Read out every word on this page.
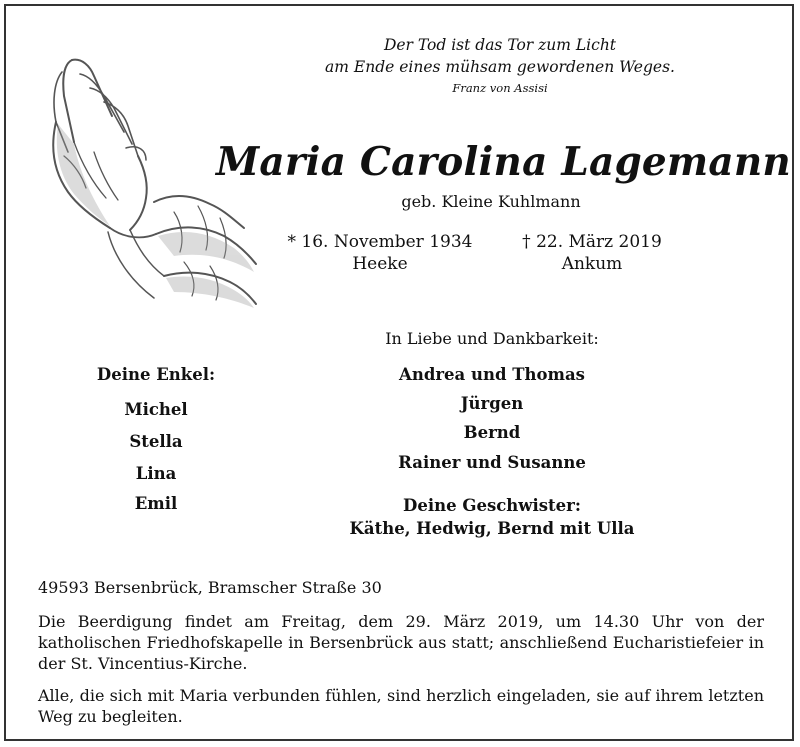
Der Tod ist das Tor zum Licht
am Ende eines mühsam gewordenen Weges.
Franz von Assisi
Maria Carolina Lagemann
geb. Kleine Kuhlmann
* 16. November 1934
Heeke
† 22. März 2019
Ankum
In Liebe und Dankbarkeit:
Andrea und Thomas
Jürgen
Bernd
Rainer und Susanne
Deine Enkel:
Michel
Stella
Lina
Emil	Deine Geschwister:
Käthe, Hedwig, Bernd mit Ulla
49593 Bersenbrück, Bramscher Straße 30
Die Beerdigung findet am Freitag, dem 29. März 2019, um 14.30 Uhr von der katholischen Friedhofskapelle in Bersenbrück aus statt; anschließend Eucharistiefeier in der St. Vincentius-Kirche.
Alle, die sich mit Maria verbunden fühlen, sind herzlich eingeladen, sie auf ihrem letzten Weg zu begleiten.
